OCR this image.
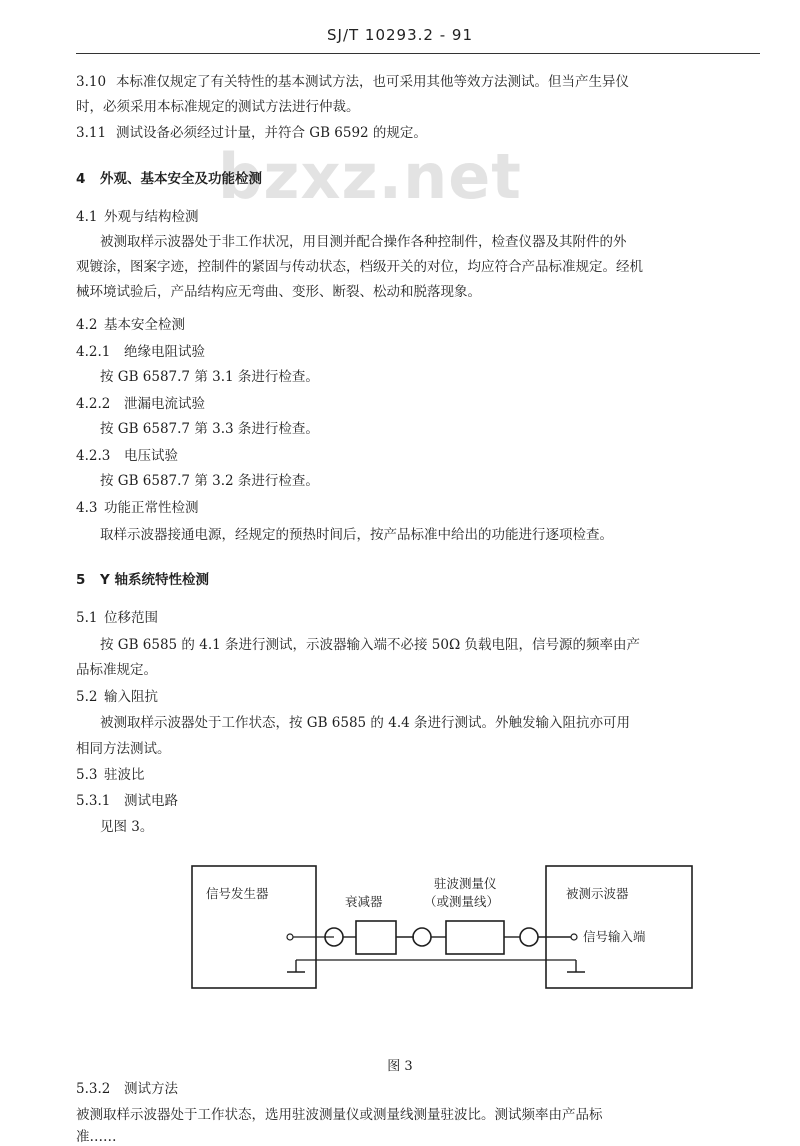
SJ/T 10293.2 - 91
bzxz.net
3.10 本标准仅规定了有关特性的基本测试方法，也可采用其他等效方法测试。但当产生异仪
时，必须采用本标准规定的测试方法进行仲裁。
3.11 测试设备必须经过计量，并符合 GB 6592 的规定。
4 外观、基本安全及功能检测
4.1 外观与结构检测
被测取样示波器处于非工作状况，用目测并配合操作各种控制件，检查仪器及其附件的外
观镀涂，图案字迹，控制件的紧固与传动状态，档级开关的对位，均应符合产品标准规定。经机
械环境试验后，产品结构应无弯曲、变形、断裂、松动和脱落现象。
4.2 基本安全检测
4.2.1 绝缘电阻试验
按 GB 6587.7 第 3.1 条进行检查。
4.2.2 泄漏电流试验
按 GB 6587.7 第 3.3 条进行检查。
4.2.3 电压试验
按 GB 6587.7 第 3.2 条进行检查。
4.3 功能正常性检测
取样示波器接通电源，经规定的预热时间后，按产品标准中给出的功能进行逐项检查。
5 Y 轴系统特性检测
5.1 位移范围
按 GB 6585 的 4.1 条进行测试，示波器输入端不必接 50Ω 负载电阻，信号源的频率由产
品标准规定。
5.2 输入阻抗
被测取样示波器处于工作状态，按 GB 6585 的 4.4 条进行测试。外触发输入阻抗亦可用
相同方法测试。
5.3 驻波比
5.3.1 测试电路
见图 3。
信号发生器
衰减器
驻波测量仪
（或测量线）
被测示波器
信号输入端
图 3
5.3.2 测试方法
被测取样示波器处于工作状态，选用驻波测量仪或测量线测量驻波比。测试频率由产品标
准……
